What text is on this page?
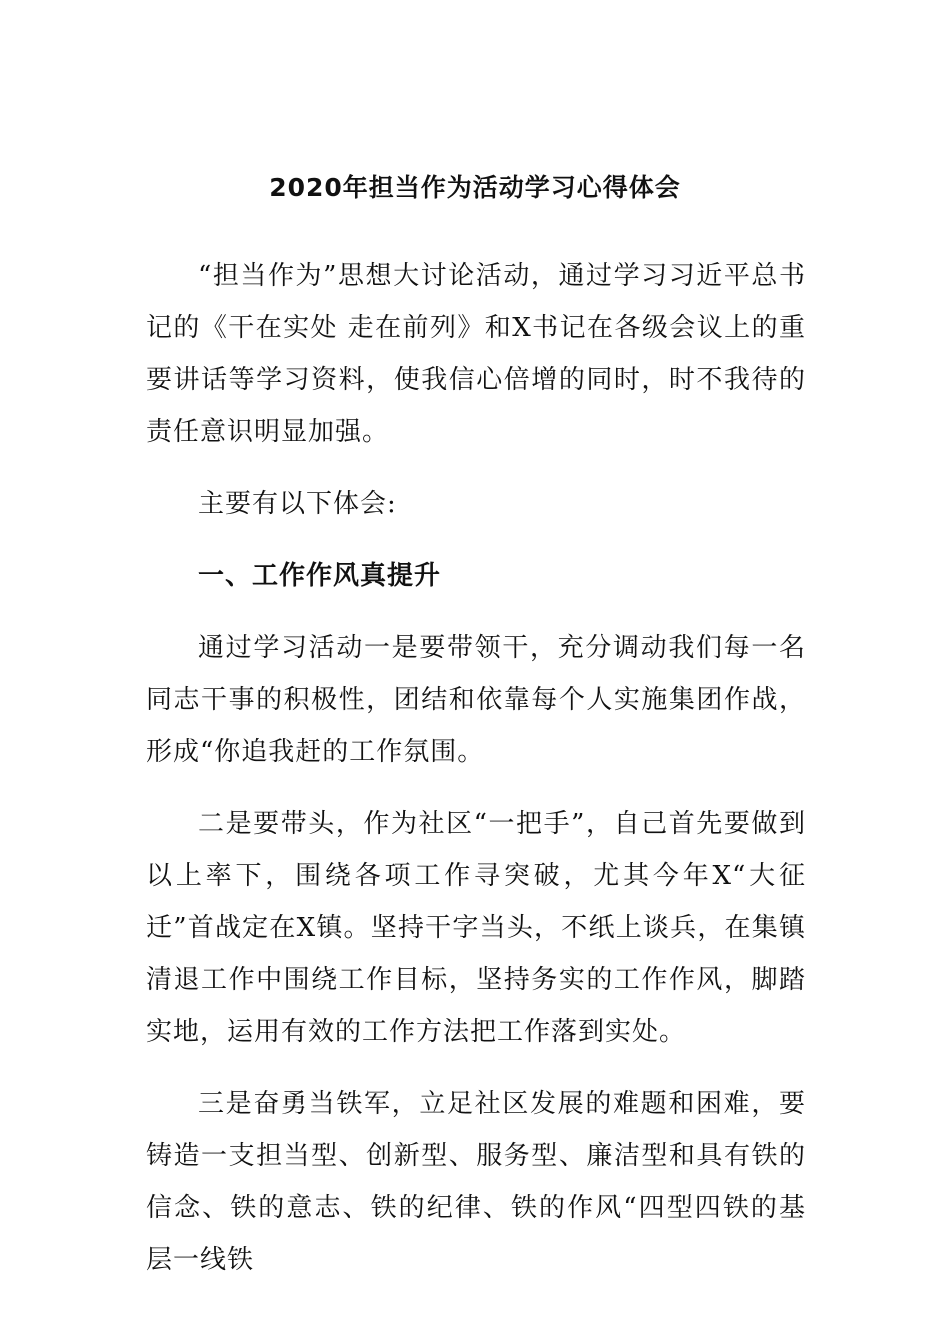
2020年担当作为活动学习心得体会

“担当作为”思想大讨论活动，通过学习习近平总书记的《干在实处 走在前列》和X书记在各级会议上的重要讲话等学习资料，使我信心倍增的同时，时不我待的责任意识明显加强。

主要有以下体会:

一、工作作风真提升

通过学习活动一是要带领干，充分调动我们每一名同志干事的积极性，团结和依靠每个人实施集团作战，形成“你追我赶的工作氛围。

二是要带头，作为社区“一把手”，自己首先要做到以上率下，围绕各项工作寻突破，尤其今年X“大征迁”首战定在X镇。坚持干字当头，不纸上谈兵，在集镇清退工作中围绕工作目标，坚持务实的工作作风，脚踏实地，运用有效的工作方法把工作落到实处。

三是奋勇当铁军，立足社区发展的难题和困难，要铸造一支担当型、创新型、服务型、廉洁型和具有铁的信念、铁的意志、铁的纪律、铁的作风“四型四铁的基层一线铁
